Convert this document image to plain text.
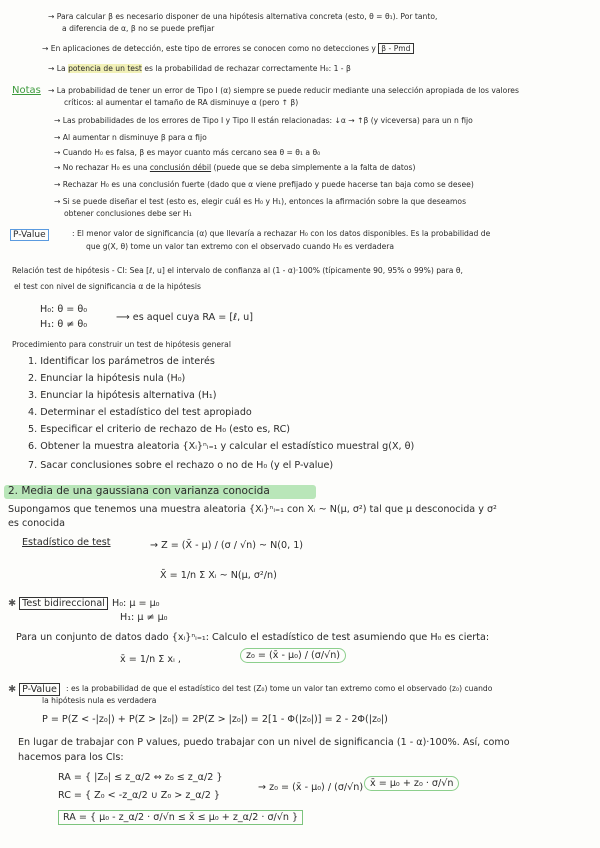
→ Para calcular β es necesario disponer de una hipótesis alternativa concreta (esto, θ = θ₁). Por tanto,
a diferencia de α, β no se puede prefijar
→ En aplicaciones de detección, este tipo de errores se conocen como no detecciones y β - Pmd
→ La potencia de un test es la probabilidad de rechazar correctamente H₀: 1 - β
Notas → La probabilidad de tener un error de Tipo I (α) siempre se puede reducir mediante una selección apropiada de los valores
críticos: al aumentar el tamaño de RA disminuye α (pero ↑ β)
→ Las probabilidades de los errores de Tipo I y Tipo II están relacionadas: ↓α → ↑β (y viceversa) para un n fijo
→ Al aumentar n disminuye β para α fijo
→ Cuando H₀ es falsa, β es mayor cuanto más cercano sea θ = θ₁ a θ₀
→ No rechazar H₀ es una conclusión débil (puede que se deba simplemente a la falta de datos)
→ Rechazar H₀ es una conclusión fuerte (dado que α viene prefijado y puede hacerse tan baja como se desee)
→ Si se puede diseñar el test (esto es, elegir cuál es H₀ y H₁), entonces la afirmación sobre la que deseamos
obtener conclusiones debe ser H₁
P-Value	: El menor valor de significancia (α) que llevaría a rechazar H₀ con los datos disponibles. Es la probabilidad de
que g(X, θ) tome un valor tan extremo con el observado cuando H₀ es verdadera
Relación test de hipótesis - CI: Sea [ℓ, u] el intervalo de confianza al (1 - α)·100% (típicamente 90, 95% o 99%) para θ,
el test con nivel de significancia α de la hipótesis
H₀: θ = θ₀
H₁: θ ≠ θ₀
⟶ es aquel cuya RA = [ℓ, u]
Procedimiento para construir un test de hipótesis general
1. Identificar los parámetros de interés
2. Enunciar la hipótesis nula (H₀)
3. Enunciar la hipótesis alternativa (H₁)
4. Determinar el estadístico del test apropiado
5. Especificar el criterio de rechazo de H₀ (esto es, RC)
6. Obtener la muestra aleatoria {Xᵢ}ⁿᵢ₌₁ y calcular el estadístico muestral g(X, θ)
7. Sacar conclusiones sobre el rechazo o no de H₀ (y el P-value)
2. Media de una gaussiana con varianza conocida
Supongamos que tenemos una muestra aleatoria {Xᵢ}ⁿᵢ₌₁ con Xᵢ ~ N(μ, σ²) tal que μ desconocida y σ²
es conocida
Estadístico de test	→ Z = (X̄ - μ) / (σ / √n) ~ N(0, 1)
X̄ = 1/n Σ Xᵢ ~ N(μ, σ²/n)
✱ Test bidireccional H₀: μ = μ₀
H₁: μ ≠ μ₀
Para un conjunto de datos dado {xᵢ}ⁿᵢ₌₁: Calculo el estadístico de test asumiendo que H₀ es cierta:
x̄ = 1/n Σ xᵢ ,	z₀ = (x̄ - μ₀) / (σ/√n)
✱ P-Value	: es la probabilidad de que el estadístico del test (Z₀) tome un valor tan extremo como el observado (z₀) cuando
la hipótesis nula es verdadera
P = P(Z < -|z₀|) + P(Z > |z₀|) = 2P(Z > |z₀|) = 2[1 - Φ(|z₀|)] = 2 - 2Φ(|z₀|)
En lugar de trabajar con P values, puedo trabajar con un nivel de significancia (1 - α)·100%. Así, como
hacemos para los CIs:
RA = { |Z₀| ≤ z_α/2 ⇔ z₀ ≤ z_α/2 }
RC = { Z₀ < -z_α/2 ∪ Z₀ > z_α/2 }
→ z₀ = (x̄ - μ₀) / (σ/√n) x̄ = μ₀ + z₀ · σ/√n
RA = { μ₀ - z_α/2 · σ/√n ≤ x̄ ≤ μ₀ + z_α/2 · σ/√n }
